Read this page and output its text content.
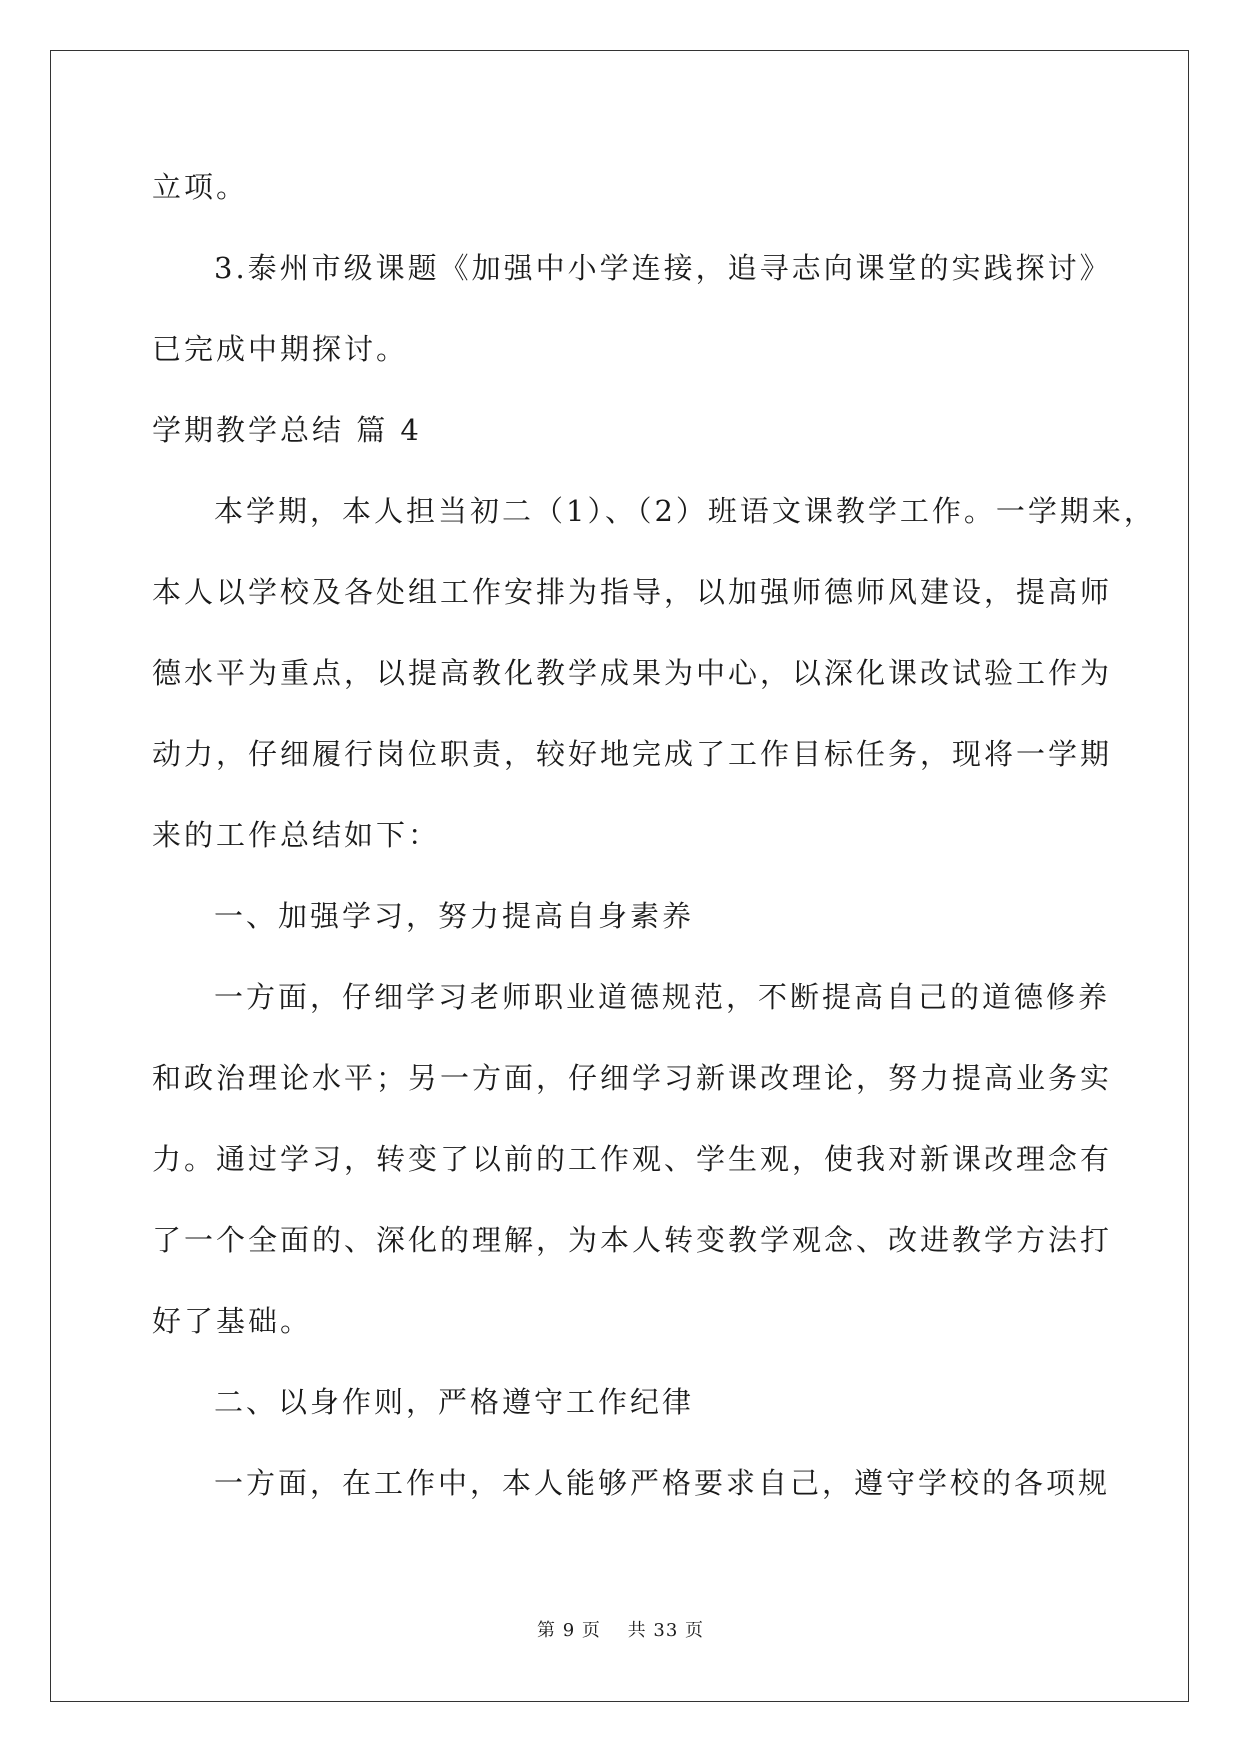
立项。
3.泰州市级课题《加强中小学连接，追寻志向课堂的实践探讨》
已完成中期探讨。
学期教学总结 篇 4
本学期，本人担当初二（1）、（2）班语文课教学工作。一学期来，
本人以学校及各处组工作安排为指导，以加强师德师风建设，提高师
德水平为重点，以提高教化教学成果为中心，以深化课改试验工作为
动力，仔细履行岗位职责，较好地完成了工作目标任务，现将一学期
来的工作总结如下：
一、加强学习，努力提高自身素养
一方面，仔细学习老师职业道德规范，不断提高自己的道德修养
和政治理论水平；另一方面，仔细学习新课改理论，努力提高业务实
力。通过学习，转变了以前的工作观、学生观，使我对新课改理念有
了一个全面的、深化的理解，为本人转变教学观念、改进教学方法打
好了基础。
二、以身作则，严格遵守工作纪律
一方面，在工作中，本人能够严格要求自己，遵守学校的各项规
第 9 页 共 33 页
